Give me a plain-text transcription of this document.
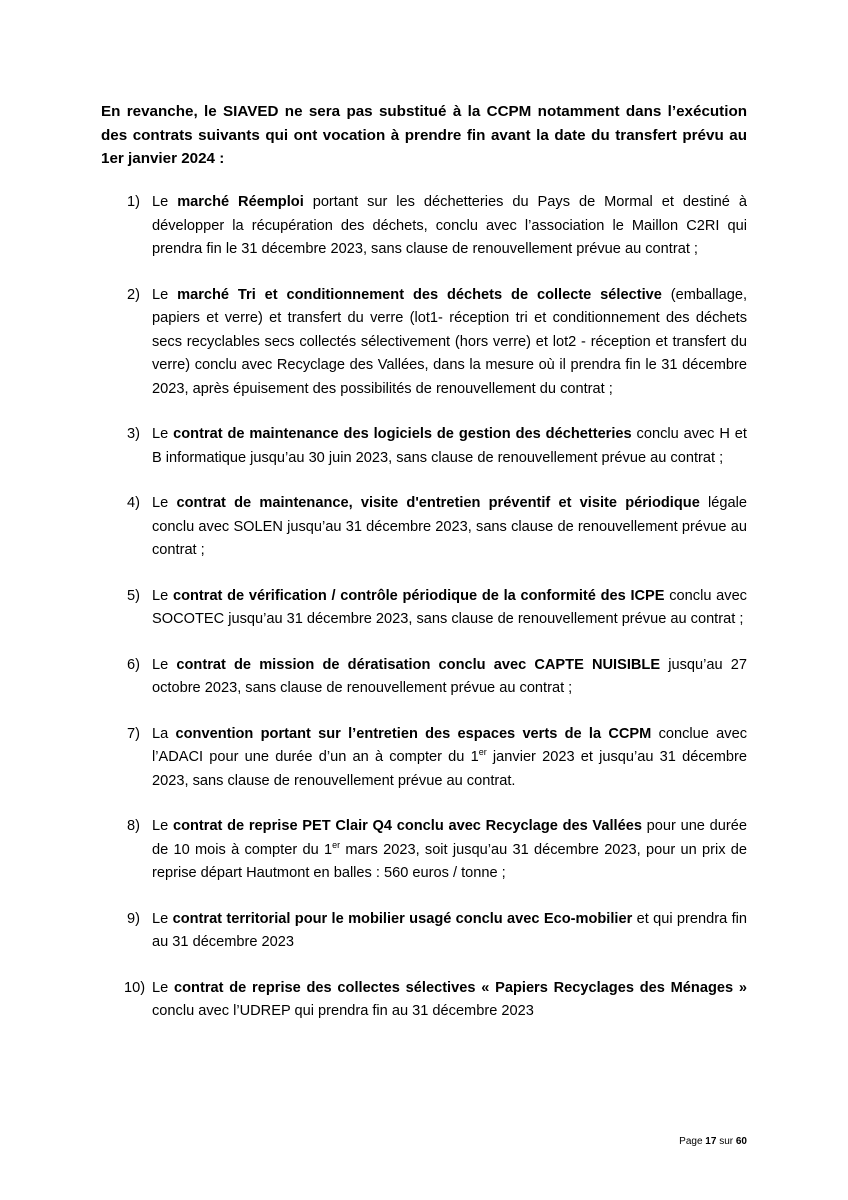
En revanche, le SIAVED ne sera pas substitué à la CCPM notamment dans l’exécution des contrats suivants qui ont vocation à prendre fin avant la date du transfert prévu au 1er janvier 2024 :

1) Le marché Réemploi portant sur les déchetteries du Pays de Mormal et destiné à développer la récupération des déchets, conclu avec l’association le Maillon C2RI qui prendra fin le 31 décembre 2023, sans clause de renouvellement prévue au contrat ;
2) Le marché Tri et conditionnement des déchets de collecte sélective (emballage, papiers et verre) et transfert du verre (lot1- réception tri et conditionnement des déchets secs recyclables secs collectés sélectivement (hors verre) et lot2 - réception et transfert du verre) conclu avec Recyclage des Vallées, dans la mesure où il prendra fin le 31 décembre 2023, après épuisement des possibilités de renouvellement du contrat ;
3) Le contrat de maintenance des logiciels de gestion des déchetteries conclu avec H et B informatique jusqu’au 30 juin 2023, sans clause de renouvellement prévue au contrat ;
4) Le contrat de maintenance, visite d'entretien préventif et visite périodique légale conclu avec SOLEN jusqu’au 31 décembre 2023, sans clause de renouvellement prévue au contrat ;
5) Le contrat de vérification / contrôle périodique de la conformité des ICPE conclu avec SOCOTEC jusqu’au 31 décembre 2023, sans clause de renouvellement prévue au contrat ;
6) Le contrat de mission de dératisation conclu avec CAPTE NUISIBLE jusqu’au 27 octobre 2023, sans clause de renouvellement prévue au contrat ;
7) La convention portant sur l’entretien des espaces verts de la CCPM conclue avec l’ADACI pour une durée d’un an à compter du 1er janvier 2023 et jusqu’au 31 décembre 2023, sans clause de renouvellement prévue au contrat.
8) Le contrat de reprise PET Clair Q4 conclu avec Recyclage des Vallées pour une durée de 10 mois à compter du 1er mars 2023, soit jusqu’au 31 décembre 2023, pour un prix de reprise départ Hautmont en balles : 560 euros / tonne ;
9) Le contrat territorial pour le mobilier usagé conclu avec Eco-mobilier et qui prendra fin au 31 décembre 2023
10) Le contrat de reprise des collectes sélectives « Papiers Recyclages des Ménages » conclu avec l’UDREP qui prendra fin au 31 décembre 2023
Page 17 sur 60
